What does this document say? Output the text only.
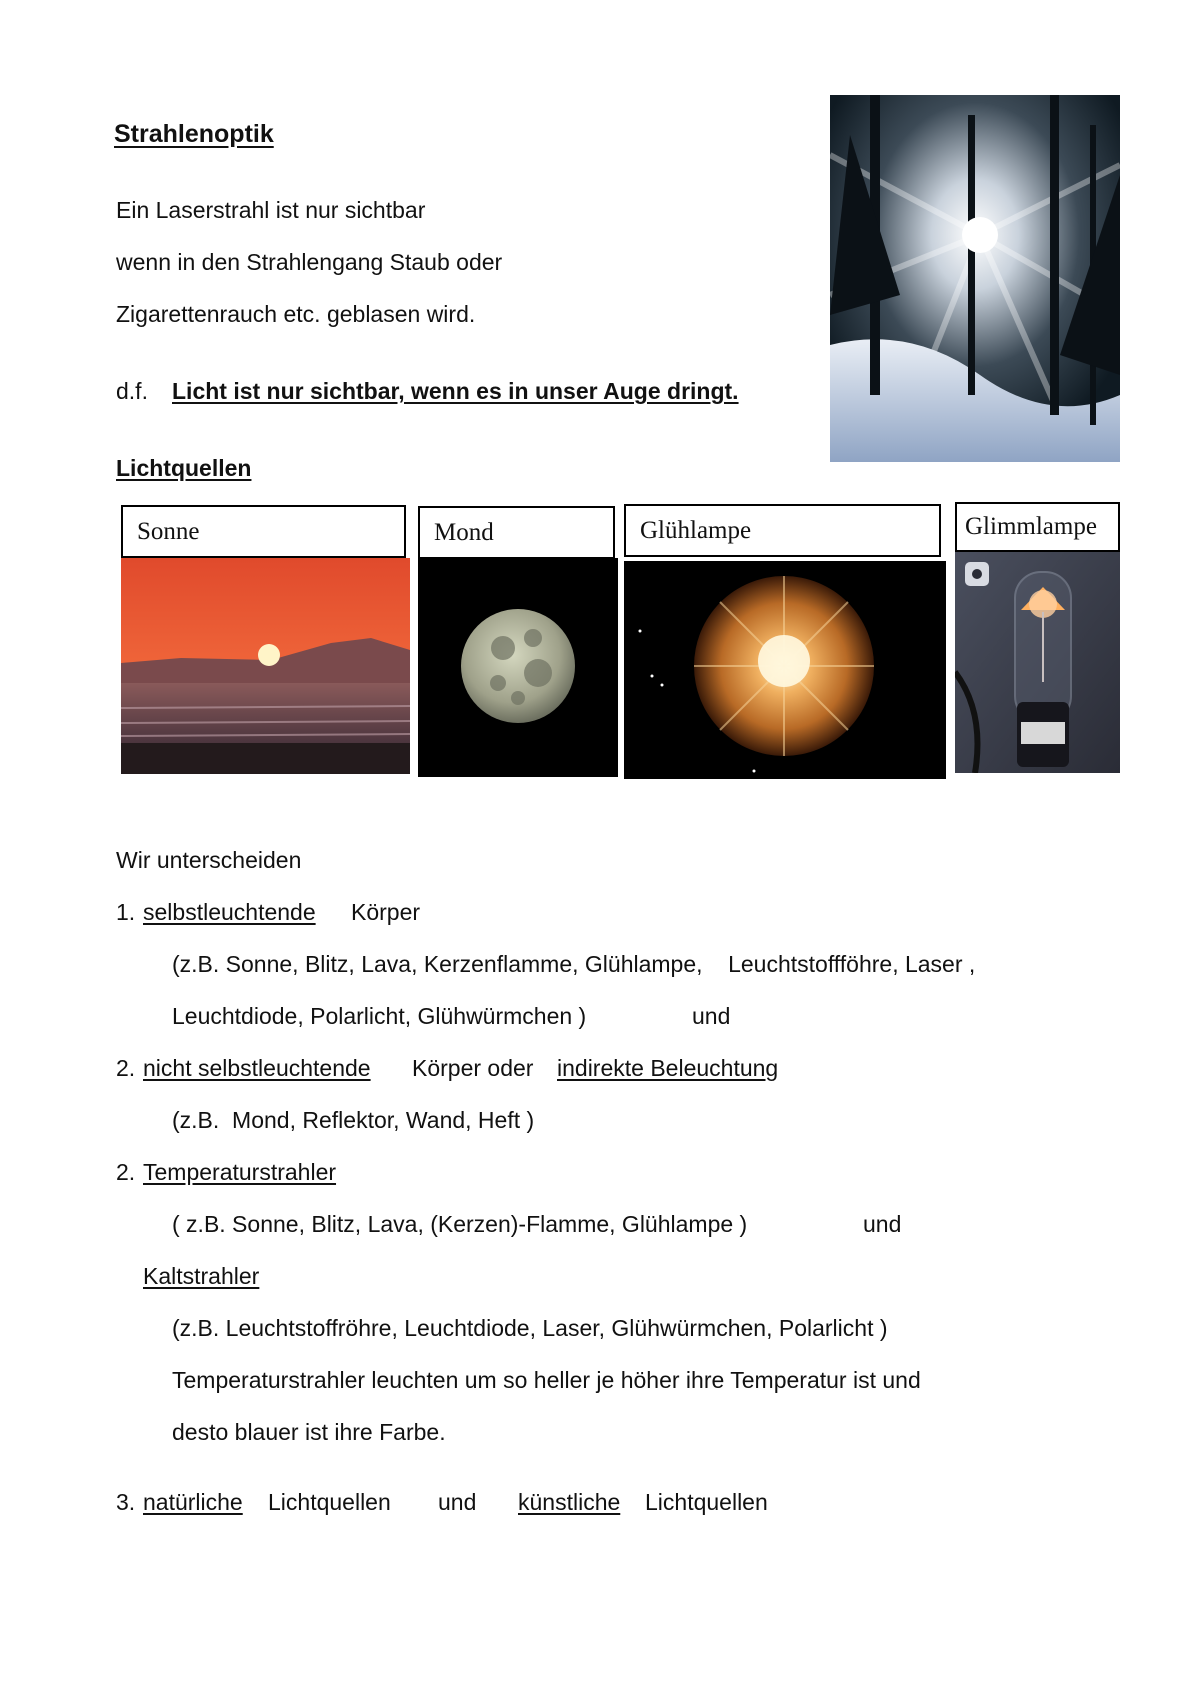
Strahlenoptik
Ein Laserstrahl ist nur sichtbar
wenn in den Strahlengang Staub oder
Zigarettenrauch etc. geblasen wird.
d.f. Licht ist nur sichtbar, wenn es in unser Auge dringt.
Lichtquellen
Sonne	Mond	Glühlampe	Glimmlampe
Wir unterscheiden
1. selbstleuchtende Körper
(z.B. Sonne, Blitz, Lava, Kerzenflamme, Glühlampe,    Leuchtstoffföhre, Laser ,
Leuchtdiode, Polarlicht, Glühwürmchen )	und
2. nicht selbstleuchtende Körper oder indirekte Beleuchtung
(z.B.  Mond, Reflektor, Wand, Heft )
2. Temperaturstrahler
( z.B. Sonne, Blitz, Lava, (Kerzen)-Flamme, Glühlampe )	und
Kaltstrahler
(z.B. Leuchtstoffröhre, Leuchtdiode, Laser, Glühwürmchen, Polarlicht )
Temperaturstrahler leuchten um so heller je höher ihre Temperatur ist und
desto blauer ist ihre Farbe.
3. natürliche Lichtquellen und künstliche Lichtquellen
